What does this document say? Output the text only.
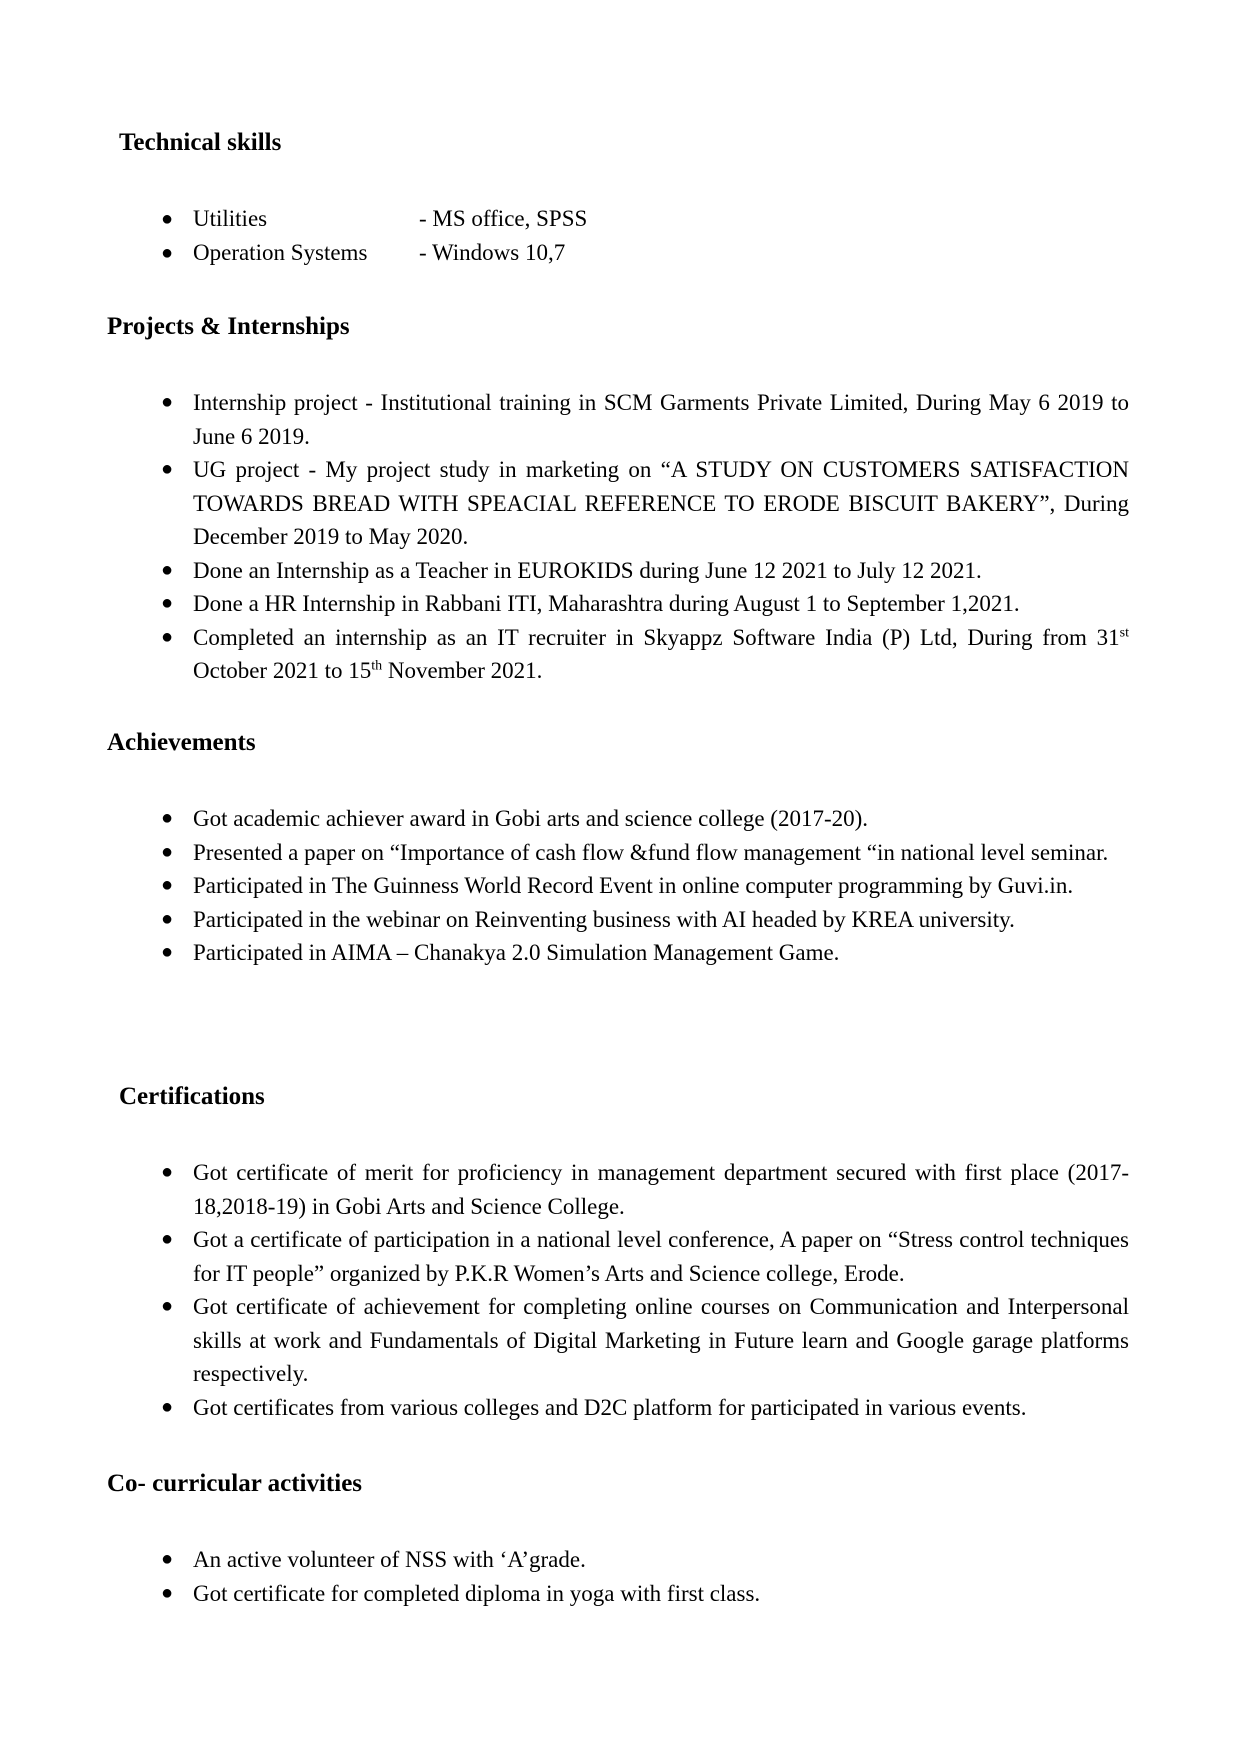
Technical skills
● Utilities	- MS office, SPSS
● Operation Systems - Windows 10,7
Projects & Internships
● Internship project - Institutional training in SCM Garments Private Limited, During May 6 2019 to June 6 2019.
● UG project - My project study in marketing on “A STUDY ON CUSTOMERS SATISFACTION TOWARDS BREAD WITH SPEACIAL REFERENCE TO ERODE BISCUIT BAKERY”, During December 2019 to May 2020.
● Done an Internship as a Teacher in EUROKIDS during June 12 2021 to July 12 2021.
● Done a HR Internship in Rabbani ITI, Maharashtra during August 1 to September 1,2021.
● Completed an internship as an IT recruiter in Skyappz Software India (P) Ltd, During from 31st October 2021 to 15th November 2021.
Achievements
● Got academic achiever award in Gobi arts and science college (2017-20).
● Presented a paper on “Importance of cash flow &fund flow management “in national level seminar.
● Participated in The Guinness World Record Event in online computer programming by Guvi.in.
● Participated in the webinar on Reinventing business with AI headed by KREA university.
● Participated in AIMA – Chanakya 2.0 Simulation Management Game.
Certifications
● Got certificate of merit for proficiency in management department secured with first place (2017-18,2018-19) in Gobi Arts and Science College.
● Got a certificate of participation in a national level conference, A paper on “Stress control techniques for IT people” organized by P.K.R Women’s Arts and Science college, Erode.
● Got certificate of achievement for completing online courses on Communication and Interpersonal skills at work and Fundamentals of Digital Marketing in Future learn and Google garage platforms respectively.
● Got certificates from various colleges and D2C platform for participated in various events.
Co- curricular activities
● An active volunteer of NSS with ‘A’grade.
● Got certificate for completed diploma in yoga with first class.
